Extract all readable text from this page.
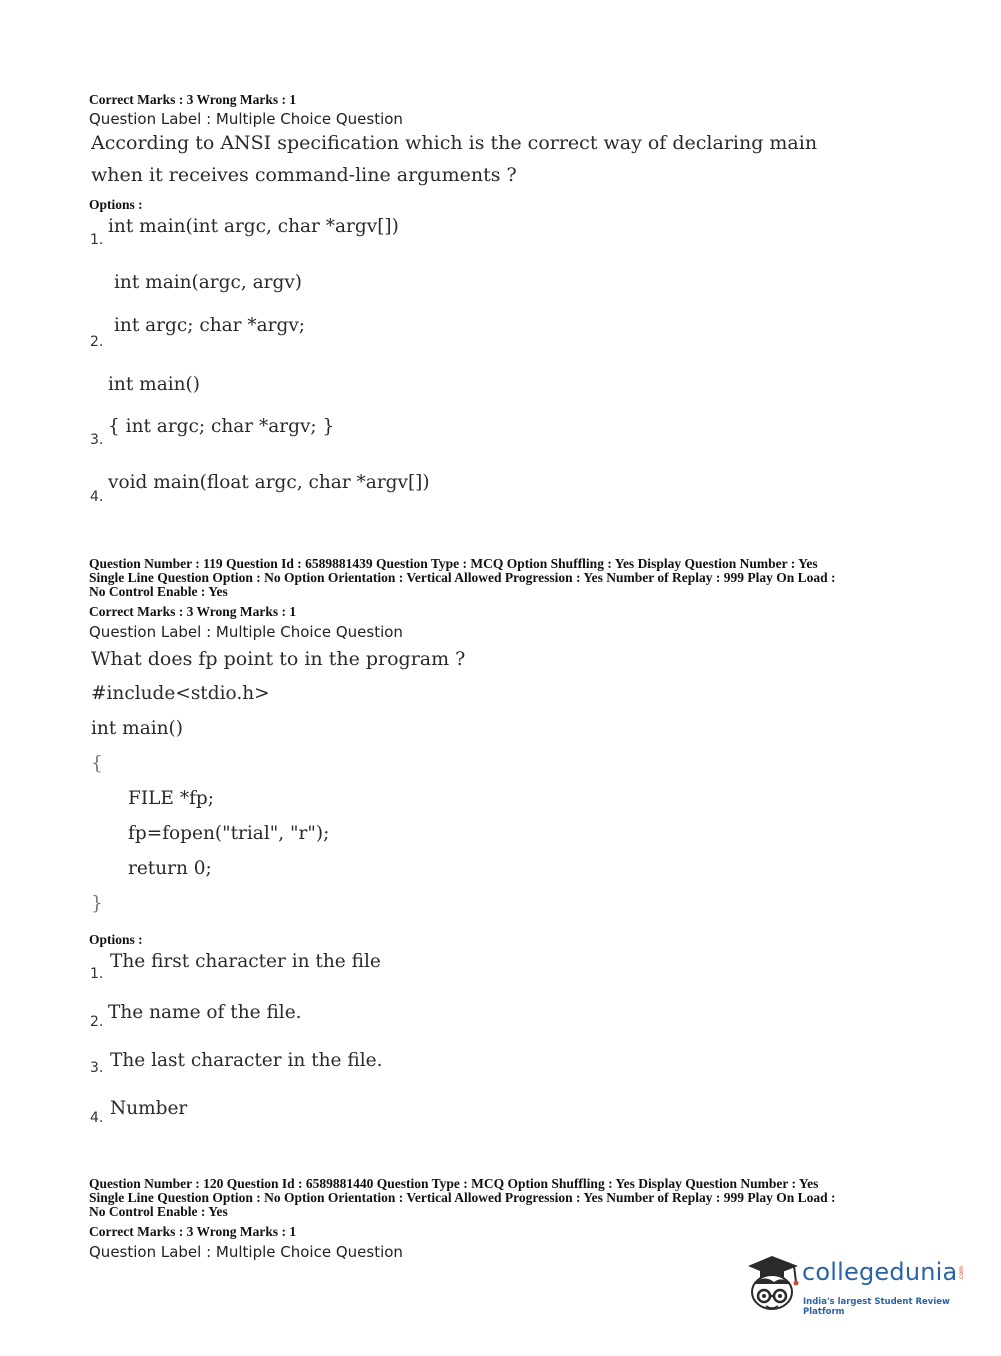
Correct Marks : 3 Wrong Marks : 1
Question Label : Multiple Choice Question
According to ANSI specification which is the correct way of declaring main
when it receives command-line arguments ?
Options :
1.
int main(int argc, char *argv[])
int main(argc, argv)
2.
int argc; char *argv;
int main()
3.
{ int argc; char *argv; }
4.
void main(float argc, char *argv[])
Question Number : 119 Question Id : 6589881439 Question Type : MCQ Option Shuffling : Yes Display Question Number : Yes
Single Line Question Option : No Option Orientation : Vertical Allowed Progression : Yes Number of Replay : 999 Play On Load :
No Control Enable : Yes
Correct Marks : 3 Wrong Marks : 1
Question Label : Multiple Choice Question
What does fp point to in the program ?
#include<stdio.h>
int main()
{
FILE *fp;
fp=fopen("trial", "r");
return 0;
}
Options :
1.
The first character in the file
2. The name of the file.
3. The last character in the file.
4. Number
Question Number : 120 Question Id : 6589881440 Question Type : MCQ Option Shuffling : Yes Display Question Number : Yes
Single Line Question Option : No Option Orientation : Vertical Allowed Progression : Yes Number of Replay : 999 Play On Load :
No Control Enable : Yes
Correct Marks : 3 Wrong Marks : 1
Question Label : Multiple Choice Question
collegedunia .com
India's largest Student Review Platform
